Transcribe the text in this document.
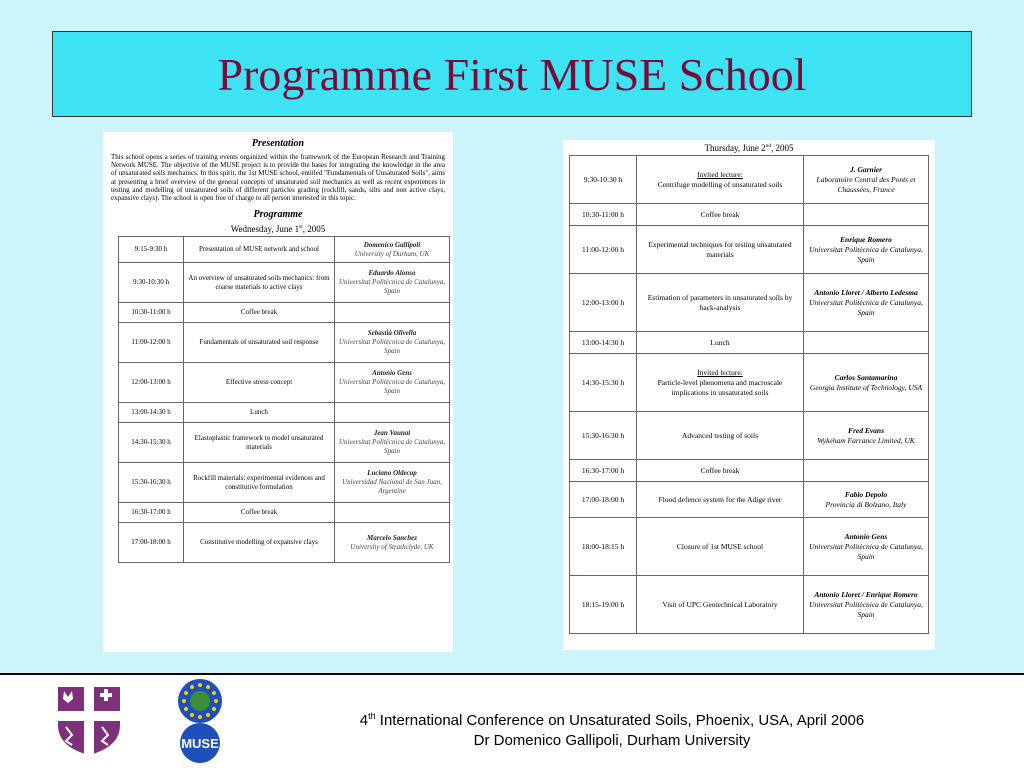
Programme First MUSE School
Presentation
This school opens a series of training events organized within the framework of the European Research and Training Network MUSE. The objective of the MUSE project is to provide the bases for integrating the knowledge in the area of unsaturated soils mechanics. In this spirit, the 1st MUSE school, entitled "Fundamentals of Unsaturated Soils", aims at presenting a brief overview of the general concepts of unsaturated soil mechanics as well as recent experiences in testing and modelling of unsaturated soils of different particles grading (rockfill, sands, silts and non active clays, expansive clays). The school is open free of charge to all person interested in this topic.
Programme
Wednesday, June 1st, 2005
9:15-9:30 h	Presentation of MUSE network and school	Domenico Gallipoli
University of Durham, UK

9:30-10:30 h	An overview of unsaturated soils mechanics: from coarse materials to active clays	Eduardo Alonso
Universitat Politècnica de Catalunya, Spain

10:30-11:00 h	Coffee break	

11:00-12:00 h	Fundamentals of unsaturated soil response	Sebastià Olivella
Universitat Politècnica de Catalunya, Spain

12:00-13:00 h	Effective stress concept	Antonio Gens
Universitat Politècnica de Catalunya, Spain

13:00-14:30 h	Lunch	

14:30-15:30 h	Elastoplastic framework to model unsaturated materials	Jean Vaunat
Universitat Politècnica de Catalunya, Spain

15:30-16:30 h	Rockfill materials: experimental evidences and constitutive formulation	Luciano Oldecop
Universidad Nacional de San Juan, Argentine

16:30-17:00 h	Coffee break	

17:00-18:00 h	Constitutive modelling of expansive clays	Marcelo Sanchez
University of Strathclyde, UK
Thursday, June 2nd, 2005
9:30-10:30 h	Invited lecture:
Centrifuge modelling of unsaturated soils	J. Garnier
Laboratoire Central des Ponts et Chaussées, France

10:30-11:00 h	Coffee break	

11:00-12:00 h	Experimental techniques for testing unsaturated materials	Enrique Romero
Universitat Politècnica de Catalunya, Spain

12:00-13:00 h	Estimation of parameters in unsaturated soils by back-analysis	Antonio Lloret / Alberto Ledesma
Universitat Politècnica de Catalunya, Spain

13:00-14:30 h	Lunch	

14:30-15:30 h	Invited lecture:
Particle-level phenomena and macroscale implications in unsaturated soils	Carlos Santamarina
Georgia Institute of Technology, USA

15:30-16:30 h	Advanced testing of soils	Fred Evans
Wykeham Farrance Limited, UK

16:30-17:00 h	Coffee break	

17:00-18:00 h	Flood defence system for the Adige river	Fabio Depolo
Provincia di Bolzano, Italy

18:00-18:15 h	Closure of 1st MUSE school	Antonio Gens
Universitat Politècnica de Catalunya, Spain

18:15-19:00 h	Visit of UPC Geotechnical Laboratory	Antonio Lloret / Enrique Romero
Universitat Politècnica de Catalunya, Spain
MUSE
4th International Conference on Unsaturated Soils, Phoenix, USA, April 2006
Dr Domenico Gallipoli, Durham University
